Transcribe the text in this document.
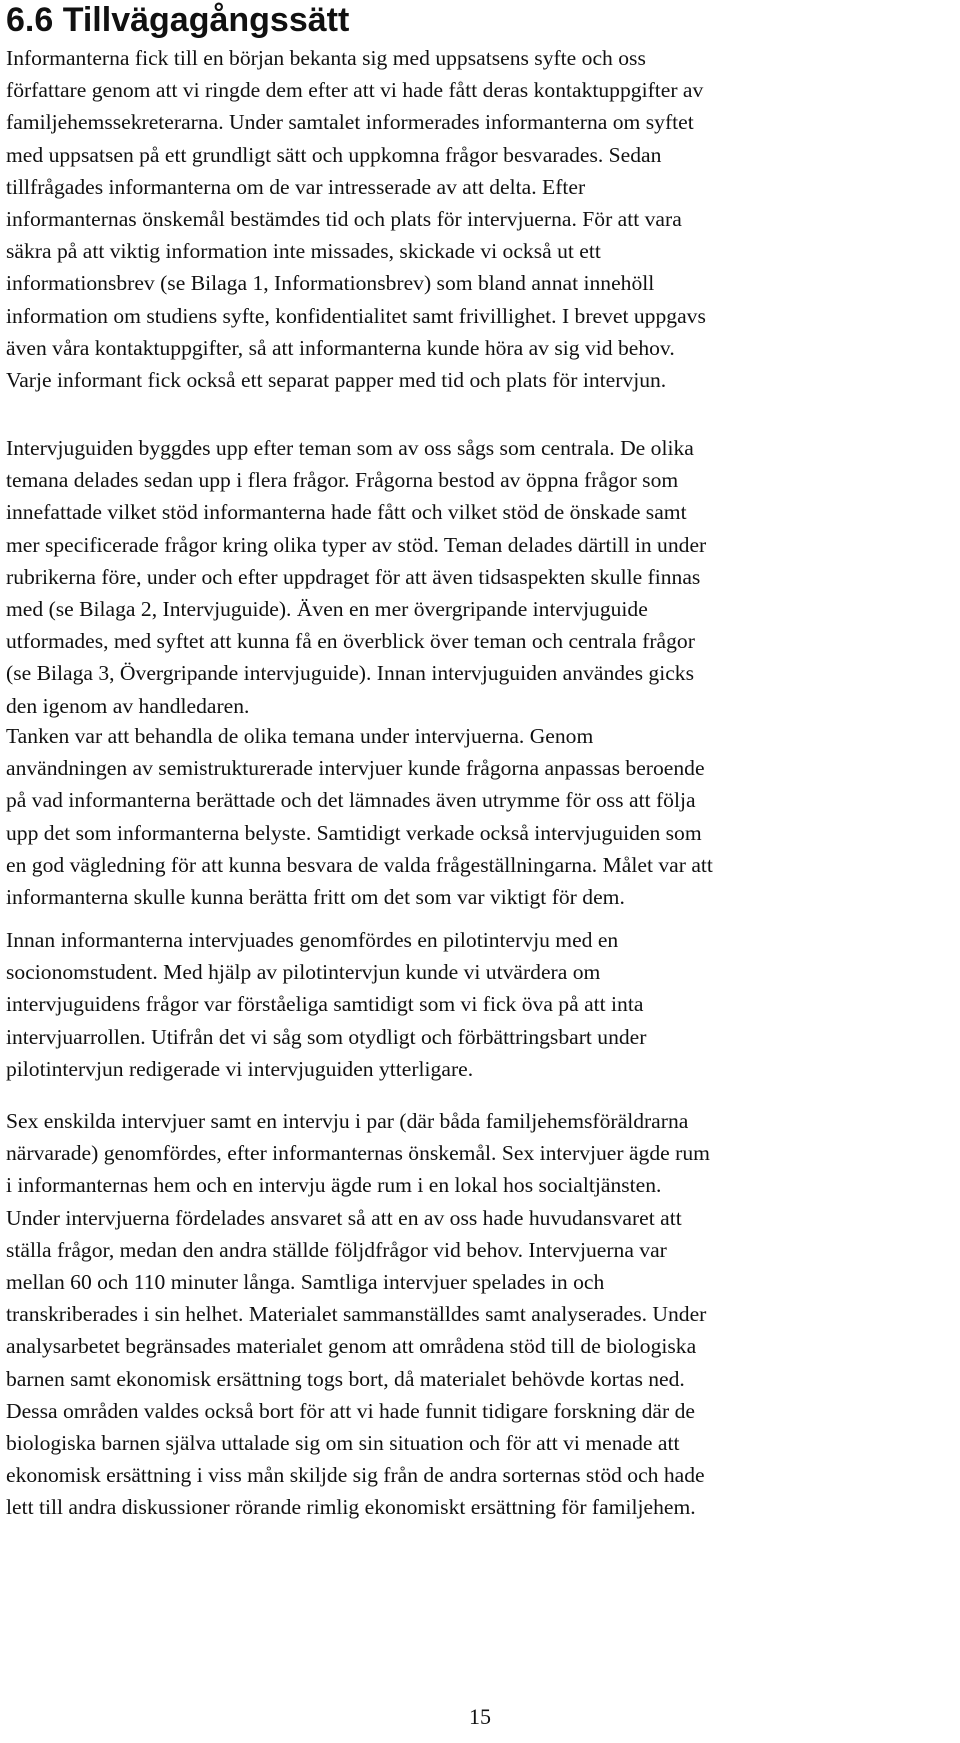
6.6 Tillvägagångssätt
Informanterna fick till en början bekanta sig med uppsatsens syfte och oss
författare genom att vi ringde dem efter att vi hade fått deras kontaktuppgifter av
familjehemssekreterarna. Under samtalet informerades informanterna om syftet
med uppsatsen på ett grundligt sätt och uppkomna frågor besvarades. Sedan
tillfrågades informanterna om de var intresserade av att delta. Efter
informanternas önskemål bestämdes tid och plats för intervjuerna. För att vara
säkra på att viktig information inte missades, skickade vi också ut ett
informationsbrev (se Bilaga 1, Informationsbrev) som bland annat innehöll
information om studiens syfte, konfidentialitet samt frivillighet. I brevet uppgavs
även våra kontaktuppgifter, så att informanterna kunde höra av sig vid behov.
Varje informant fick också ett separat papper med tid och plats för intervjun.
Intervjuguiden byggdes upp efter teman som av oss sågs som centrala. De olika
temana delades sedan upp i flera frågor. Frågorna bestod av öppna frågor som
innefattade vilket stöd informanterna hade fått och vilket stöd de önskade samt
mer specificerade frågor kring olika typer av stöd. Teman delades därtill in under
rubrikerna före, under och efter uppdraget för att även tidsaspekten skulle finnas
med (se Bilaga 2, Intervjuguide). Även en mer övergripande intervjuguide
utformades, med syftet att kunna få en överblick över teman och centrala frågor
(se Bilaga 3, Övergripande intervjuguide). Innan intervjuguiden användes gicks
den igenom av handledaren.
Tanken var att behandla de olika temana under intervjuerna. Genom
användningen av semistrukturerade intervjuer kunde frågorna anpassas beroende
på vad informanterna berättade och det lämnades även utrymme för oss att följa
upp det som informanterna belyste. Samtidigt verkade också intervjuguiden som
en god vägledning för att kunna besvara de valda frågeställningarna. Målet var att
informanterna skulle kunna berätta fritt om det som var viktigt för dem.
Innan informanterna intervjuades genomfördes en pilotintervju med en
socionomstudent. Med hjälp av pilotintervjun kunde vi utvärdera om
intervjuguidens frågor var förståeliga samtidigt som vi fick öva på att inta
intervjuarrollen. Utifrån det vi såg som otydligt och förbättringsbart under
pilotintervjun redigerade vi intervjuguiden ytterligare.
Sex enskilda intervjuer samt en intervju i par (där båda familjehemsföräldrarna
närvarade) genomfördes, efter informanternas önskemål. Sex intervjuer ägde rum
i informanternas hem och en intervju ägde rum i en lokal hos socialtjänsten.
Under intervjuerna fördelades ansvaret så att en av oss hade huvudansvaret att
ställa frågor, medan den andra ställde följdfrågor vid behov. Intervjuerna var
mellan 60 och 110 minuter långa. Samtliga intervjuer spelades in och
transkriberades i sin helhet. Materialet sammanställdes samt analyserades. Under
analysarbetet begränsades materialet genom att områdena stöd till de biologiska
barnen samt ekonomisk ersättning togs bort, då materialet behövde kortas ned.
Dessa områden valdes också bort för att vi hade funnit tidigare forskning där de
biologiska barnen själva uttalade sig om sin situation och för att vi menade att
ekonomisk ersättning i viss mån skiljde sig från de andra sorternas stöd och hade
lett till andra diskussioner rörande rimlig ekonomiskt ersättning för familjehem.
15
